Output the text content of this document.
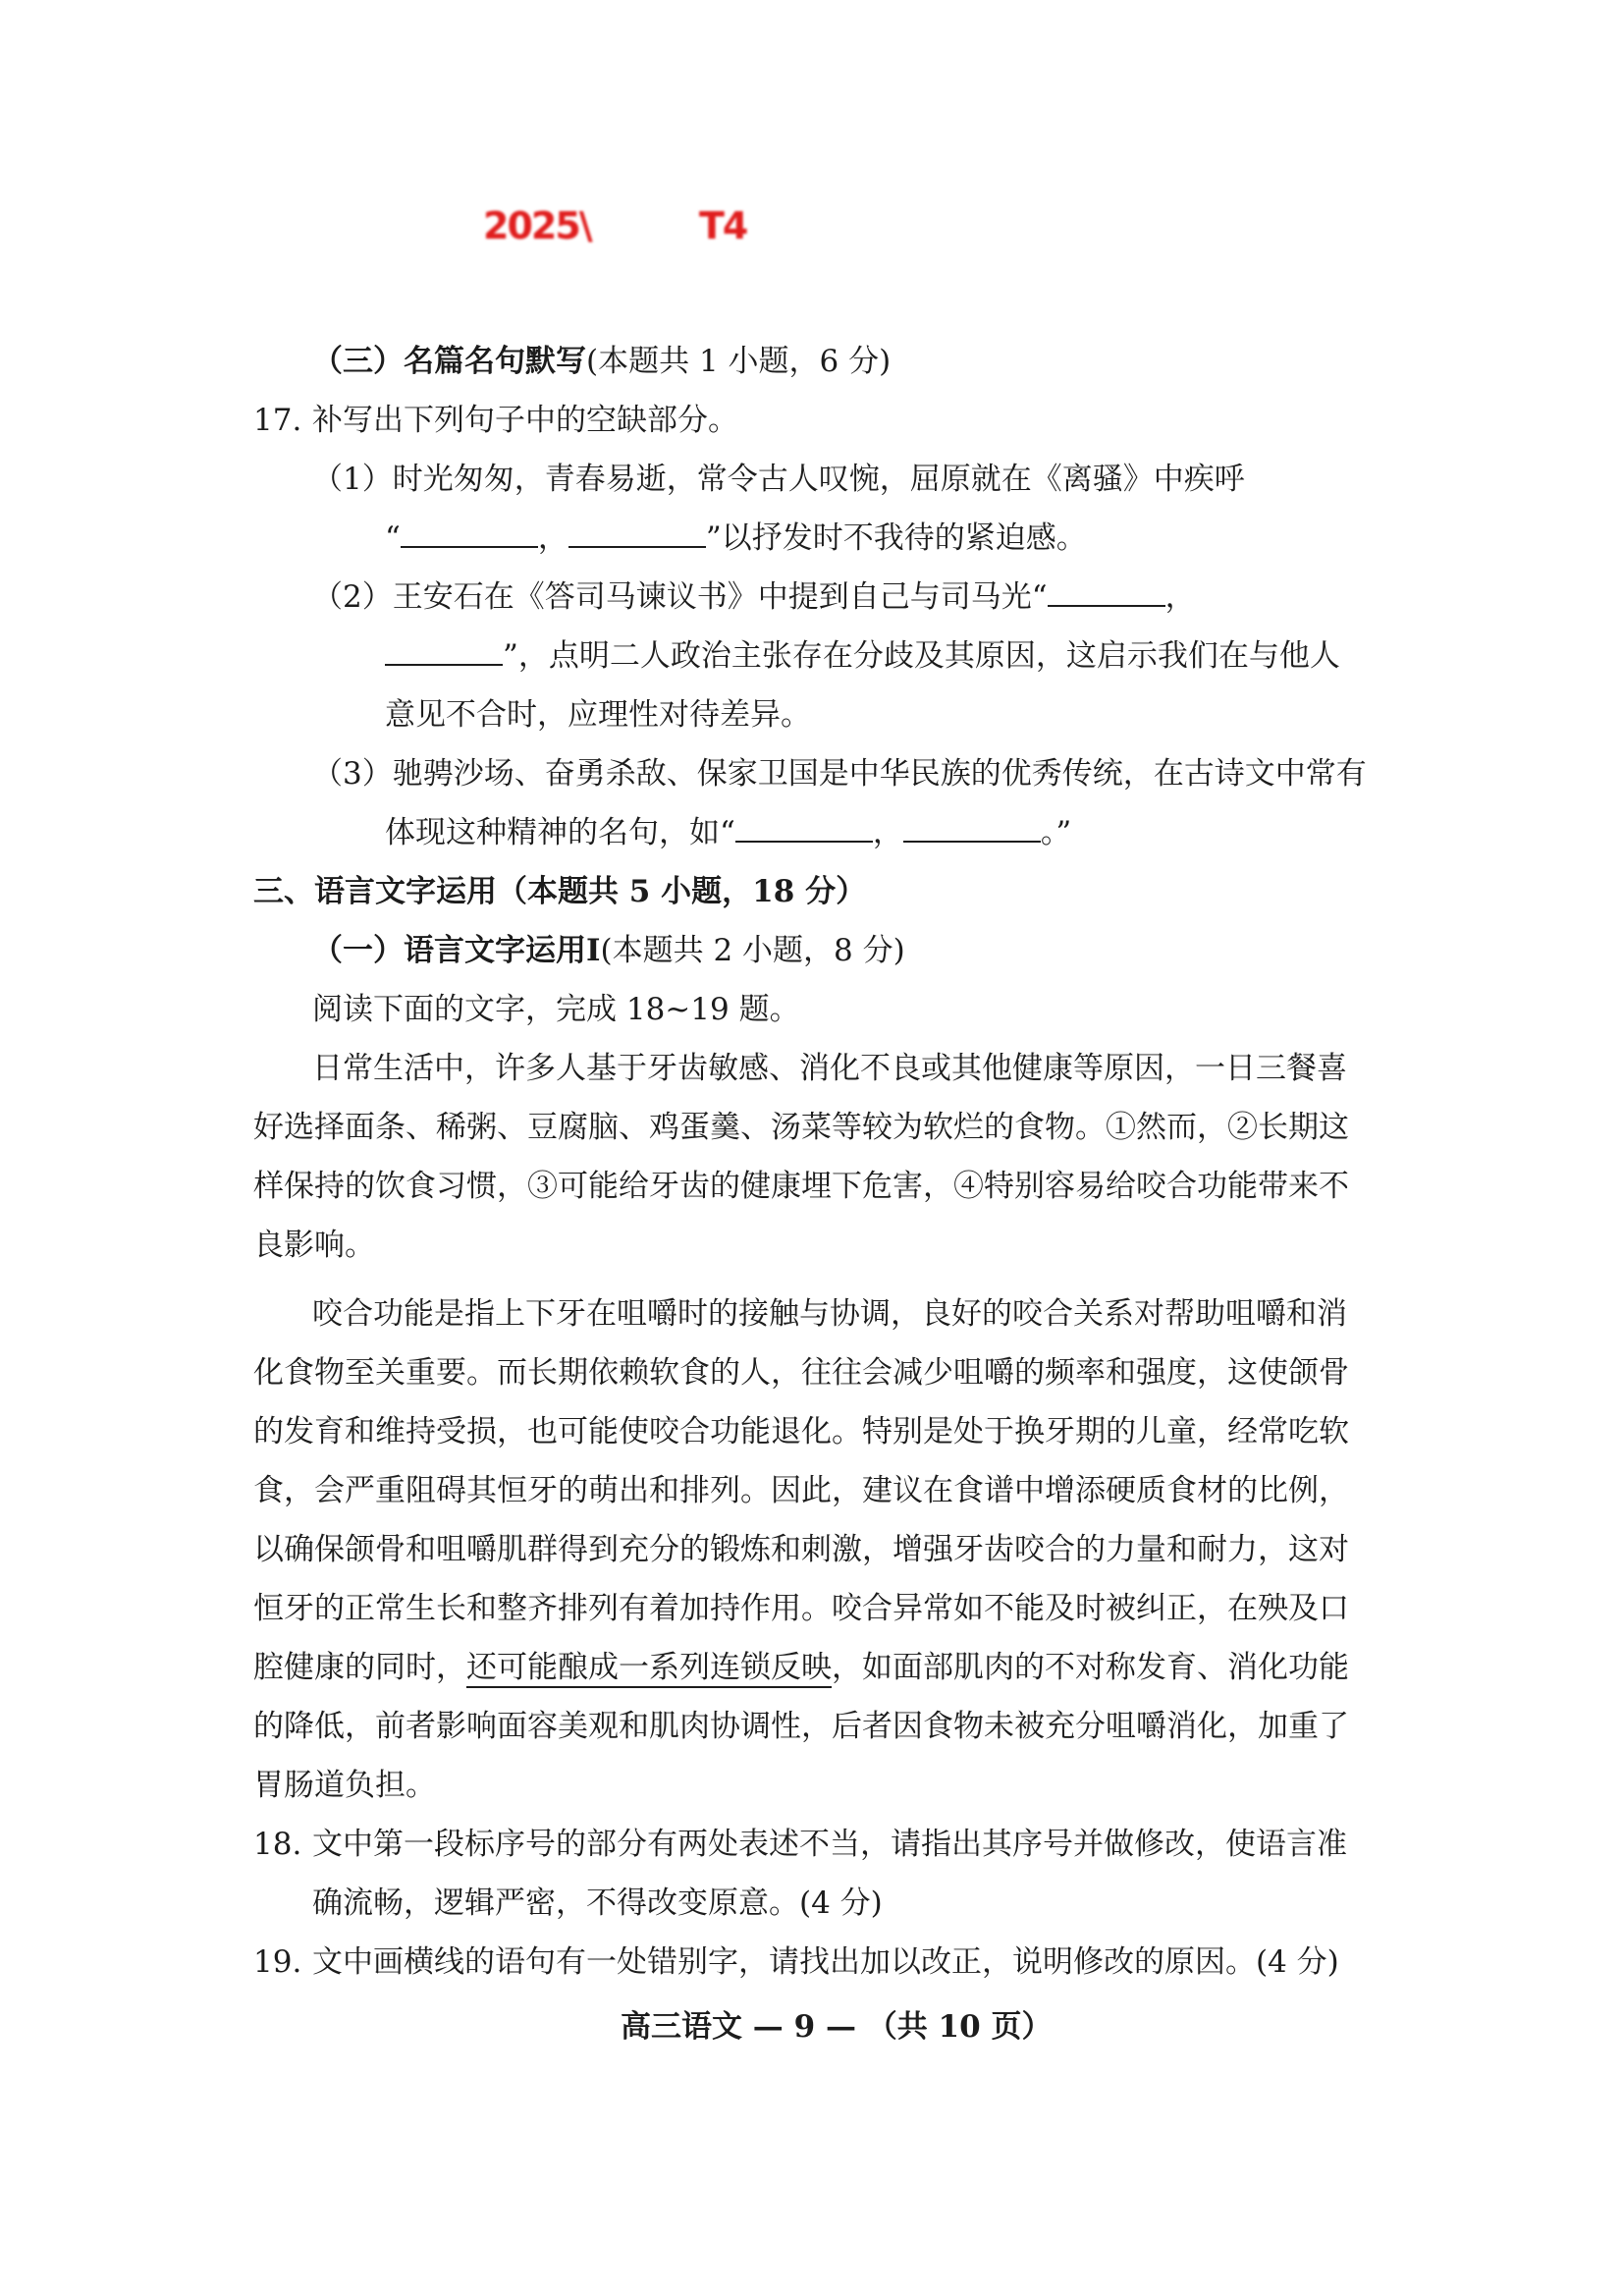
2025\	T4
（三）名篇名句默写(本题共 1 小题，6 分)
17. 补写出下列句子中的空缺部分。
（1）时光匆匆，青春易逝，常令古人叹惋，屈原就在《离骚》中疾呼
“	，	”以抒发时不我待的紧迫感。
（2）王安石在《答司马谏议书》中提到自己与司马光“	，
”，点明二人政治主张存在分歧及其原因，这启示我们在与他人
意见不合时，应理性对待差异。
（3）驰骋沙场、奋勇杀敌、保家卫国是中华民族的优秀传统，在古诗文中常有
体现这种精神的名句，如“	，	。”
三、语言文字运用（本题共 5 小题，18 分）
（一）语言文字运用Ⅰ(本题共 2 小题，8 分)
阅读下面的文字，完成 18~19 题。
日常生活中，许多人基于牙齿敏感、消化不良或其他健康等原因，一日三餐喜
好选择面条、稀粥、豆腐脑、鸡蛋羹、汤菜等较为软烂的食物。①然而，②长期这
样保持的饮食习惯，③可能给牙齿的健康埋下危害，④特别容易给咬合功能带来不
良影响。
咬合功能是指上下牙在咀嚼时的接触与协调，良好的咬合关系对帮助咀嚼和消
化食物至关重要。而长期依赖软食的人，往往会减少咀嚼的频率和强度，这使颌骨
的发育和维持受损，也可能使咬合功能退化。特别是处于换牙期的儿童，经常吃软
食，会严重阻碍其恒牙的萌出和排列。因此，建议在食谱中增添硬质食材的比例，
以确保颌骨和咀嚼肌群得到充分的锻炼和刺激，增强牙齿咬合的力量和耐力，这对
恒牙的正常生长和整齐排列有着加持作用。咬合异常如不能及时被纠正，在殃及口
腔健康的同时，还可能酿成一系列连锁反映，如面部肌肉的不对称发育、消化功能
的降低，前者影响面容美观和肌肉协调性，后者因食物未被充分咀嚼消化，加重了
胃肠道负担。
18. 文中第一段标序号的部分有两处表述不当，请指出其序号并做修改，使语言准
确流畅，逻辑严密，不得改变原意。(4 分)
19. 文中画横线的语句有一处错别字，请找出加以改正，说明修改的原因。(4 分)
高三语文 — 9 — （共 10 页）
